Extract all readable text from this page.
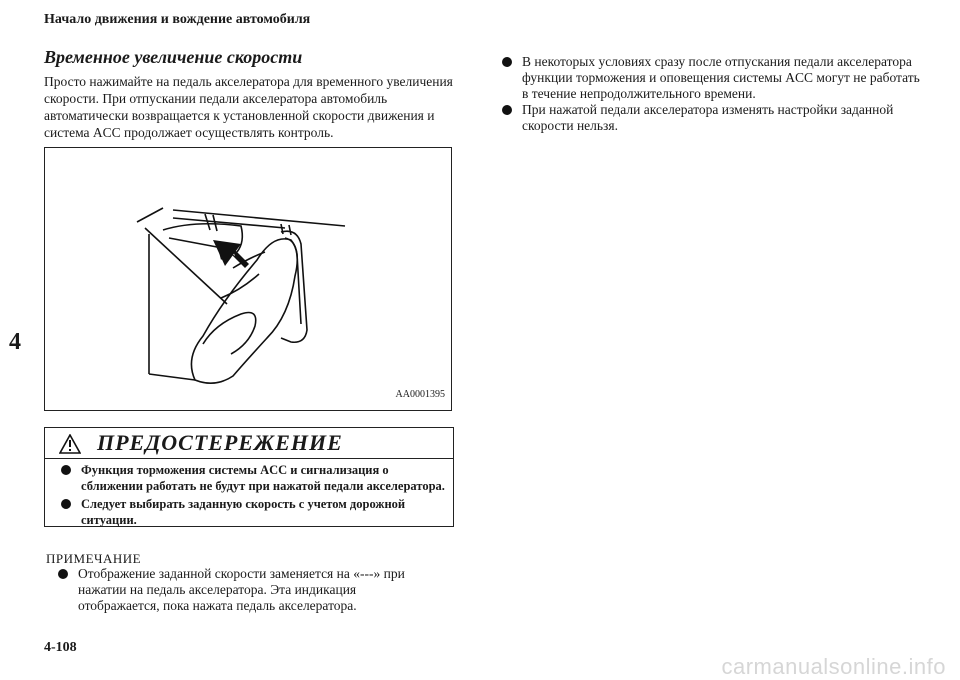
Начало движения и вождение автомобиля
4
Временное увеличение скорости
Просто нажимайте на педаль акселератора для временного увеличения скорости. При отпускании педали акселератора автомобиль автоматически возвращается к установленной скорости движения и система ACC продолжает осуществлять контроль.
AA0001395
ПРЕДОСТЕРЕЖЕНИЕ
Функция торможения системы ACC и сигнализация о сближении работать не будут при нажатой педали акселератора.
Следует выбирать заданную скорость с учетом дорожной ситуации.
ПРИМЕЧАНИЕ
Отображение заданной скорости заменяется на «---» при нажатии на педаль акселератора. Эта индикация отображается, пока нажата педаль акселератора.
В некоторых условиях сразу после отпускания педали акселератора функции торможения и оповещения системы ACC могут не работать в течение непродолжительного времени.
При нажатой педали акселератора изменять настройки заданной скорости нельзя.
4-108
carmanualsonline.info
